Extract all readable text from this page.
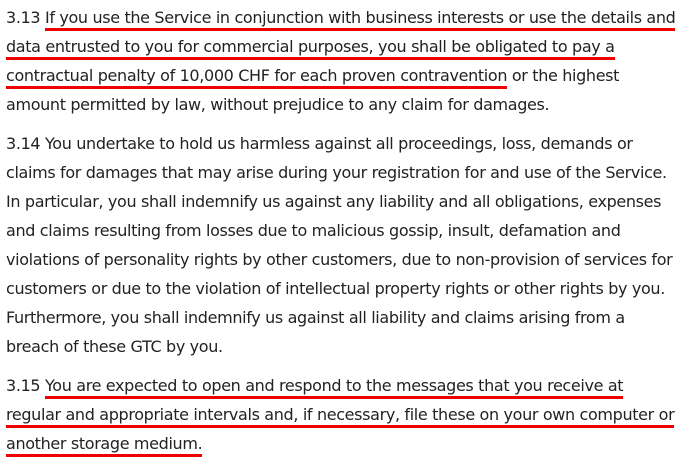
3.13 If you use the Service in conjunction with business interests or use the details and
data entrusted to you for commercial purposes, you shall be obligated to pay a
contractual penalty of 10,000 CHF for each proven contravention or the highest
amount permitted by law, without prejudice to any claim for damages.
3.14 You undertake to hold us harmless against all proceedings, loss, demands or
claims for damages that may arise during your registration for and use of the Service.
In particular, you shall indemnify us against any liability and all obligations, expenses
and claims resulting from losses due to malicious gossip, insult, defamation and
violations of personality rights by other customers, due to non-provision of services for
customers or due to the violation of intellectual property rights or other rights by you.
Furthermore, you shall indemnify us against all liability and claims arising from a
breach of these GTC by you.
3.15 You are expected to open and respond to the messages that you receive at
regular and appropriate intervals and, if necessary, file these on your own computer or
another storage medium.
